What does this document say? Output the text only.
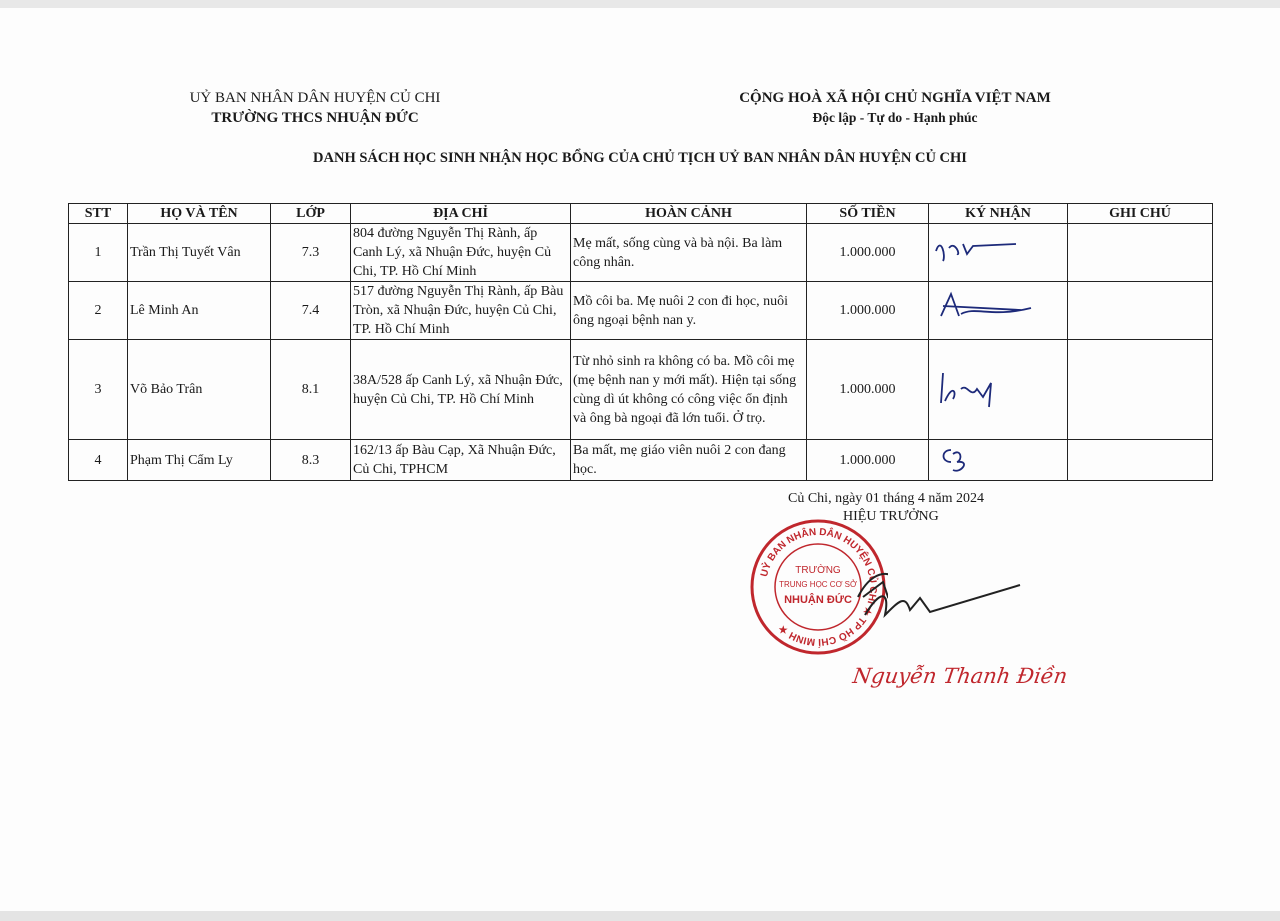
UỶ BAN NHÂN DÂN HUYỆN CỦ CHI
TRƯỜNG THCS NHUẬN ĐỨC
CỘNG HOÀ XÃ HỘI CHỦ NGHĨA VIỆT NAM
Độc lập - Tự do - Hạnh phúc
DANH SÁCH HỌC SINH NHẬN HỌC BỔNG CỦA CHỦ TỊCH UỶ BAN NHÂN DÂN HUYỆN CỦ CHI
STT	HỌ VÀ TÊN	LỚP	ĐỊA CHỈ	HOÀN CẢNH	SỐ TIỀN	KÝ NHẬN	GHI CHÚ
1	Trần Thị Tuyết Vân	7.3	804 đường Nguyễn Thị Rành, ấp Canh Lý, xã Nhuận Đức, huyện Củ Chi, TP. Hồ Chí Minh	Mẹ mất, sống cùng và bà nội. Ba làm công nhân.	1.000.000		
2	Lê Minh An	7.4	517 đường Nguyễn Thị Rành, ấp Bàu Tròn, xã Nhuận Đức, huyện Củ Chi, TP. Hồ Chí Minh	Mồ côi ba. Mẹ nuôi 2 con đi học, nuôi ông ngoại bệnh nan y.	1.000.000		
3	Võ Bảo Trân	8.1	38A/528 ấp Canh Lý, xã Nhuận Đức, huyện Củ Chi, TP. Hồ Chí Minh	Từ nhỏ sinh ra không có ba. Mồ côi mẹ (mẹ bệnh nan y mới mất). Hiện tại sống cùng dì út không có công việc ổn định và ông bà ngoại đã lớn tuổi. Ở trọ.	1.000.000		
4	Phạm Thị Cẩm Ly	8.3	162/13 ấp Bàu Cạp, Xã Nhuận Đức, Củ Chi, TPHCM	Ba mất, mẹ giáo viên nuôi 2 con đang học.	1.000.000		
Củ Chi, ngày 01 tháng 4 năm 2024
HIỆU TRƯỞNG
UỶ BAN NHÂN DÂN HUYỆN CỦ CHI ★ TP HỒ CHÍ MINH ★
TRƯỜNG
TRUNG HỌC CƠ SỞ
NHUẬN ĐỨC
Nguyễn Thanh Điền
